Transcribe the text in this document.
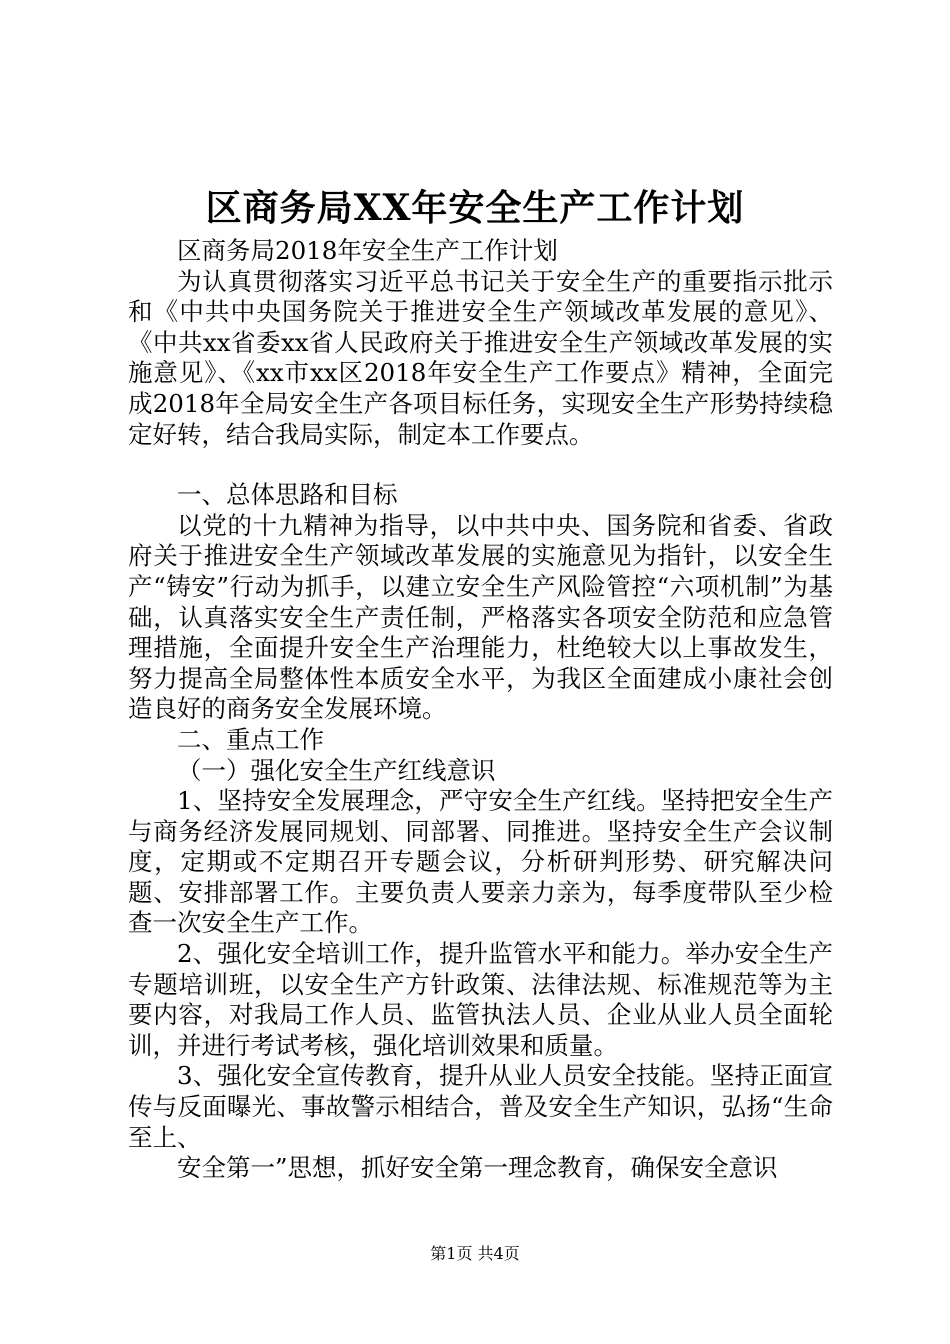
区商务局XX年安全生产工作计划

区商务局2018年安全生产工作计划

为认真贯彻落实习近平总书记关于安全生产的重要指示批示和《中共中央国务院关于推进安全生产领域改革发展的意见》、《中共xx省委xx省人民政府关于推进安全生产领域改革发展的实施意见》、《xx市xx区2018年安全生产工作要点》精神，全面完成2018年全局安全生产各项目标任务，实现安全生产形势持续稳定好转，结合我局实际，制定本工作要点。

一、总体思路和目标

以党的十九精神为指导，以中共中央、国务院和省委、省政府关于推进安全生产领域改革发展的实施意见为指针，以安全生产“铸安”行动为抓手，以建立安全生产风险管控“六项机制”为基础，认真落实安全生产责任制，严格落实各项安全防范和应急管理措施，全面提升安全生产治理能力，杜绝较大以上事故发生，努力提高全局整体性本质安全水平，为我区全面建成小康社会创造良好的商务安全发展环境。

二、重点工作

（一）强化安全生产红线意识

1、坚持安全发展理念，严守安全生产红线。坚持把安全生产与商务经济发展同规划、同部署、同推进。坚持安全生产会议制度，定期或不定期召开专题会议，分析研判形势、研究解决问题、安排部署工作。主要负责人要亲力亲为，每季度带队至少检查一次安全生产工作。

2、强化安全培训工作，提升监管水平和能力。举办安全生产专题培训班，以安全生产方针政策、法律法规、标准规范等为主要内容，对我局工作人员、监管执法人员、企业从业人员全面轮训，并进行考试考核，强化培训效果和质量。

3、强化安全宣传教育，提升从业人员安全技能。坚持正面宣传与反面曝光、事故警示相结合，普及安全生产知识，弘扬“生命至上、

安全第一”思想，抓好安全第一理念教育，确保安全意识

第1页 共4页
